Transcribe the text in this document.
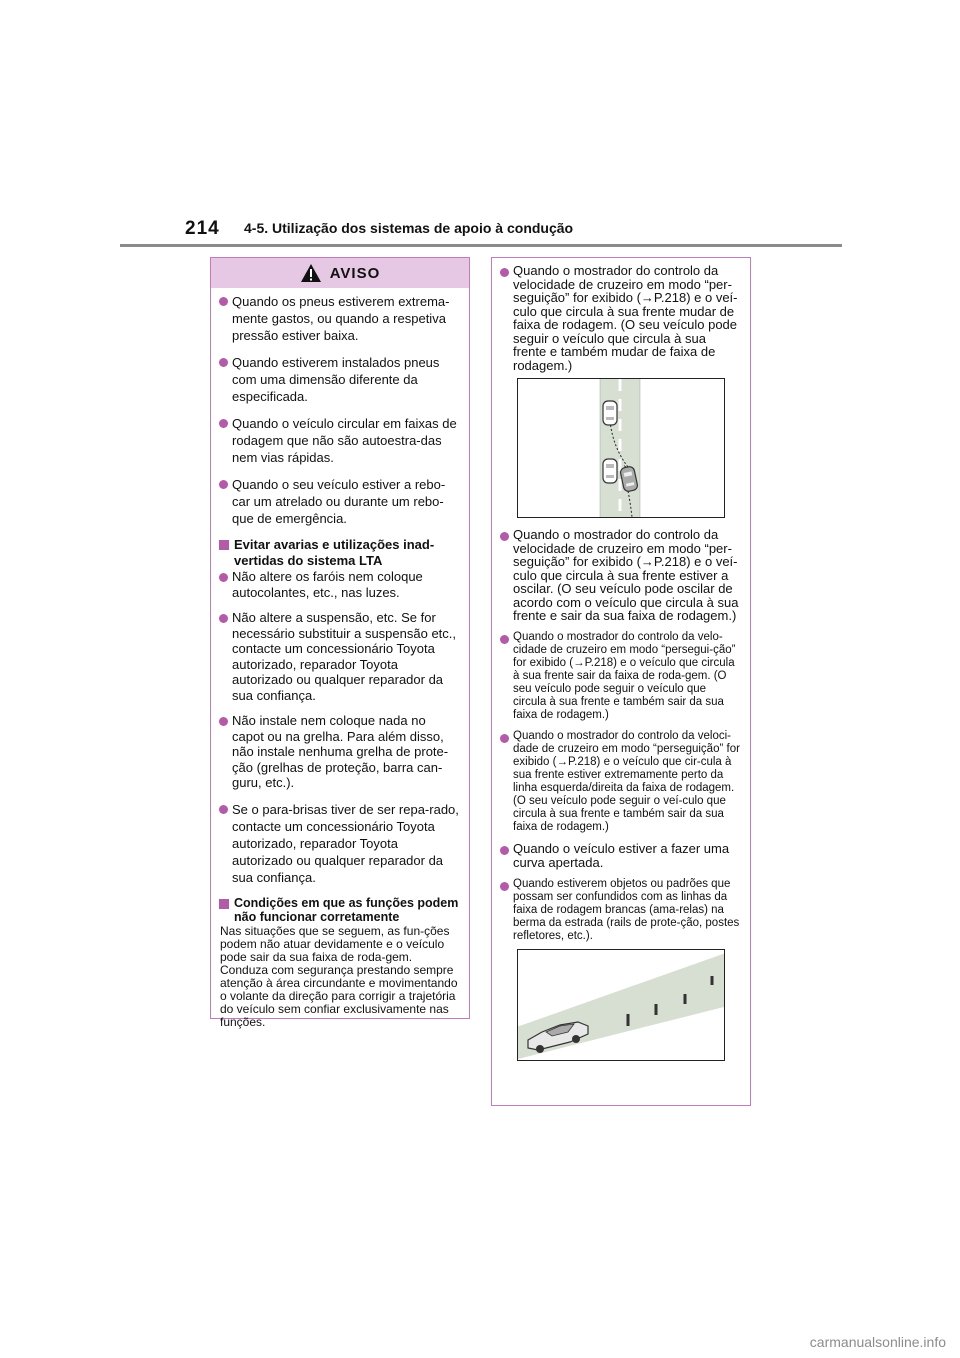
214 4-5. Utilização dos sistemas de apoio à condução
AVISO
Quando os pneus estiverem extrema-mente gastos, ou quando a respetiva pressão estiver baixa.
Quando estiverem instalados pneus com uma dimensão diferente da especificada.
Quando o veículo circular em faixas de rodagem que não são autoestra-das nem vias rápidas.
Quando o seu veículo estiver a rebo-car um atrelado ou durante um rebo-que de emergência.
Evitar avarias e utilizações inad-vertidas do sistema LTA
Não altere os faróis nem coloque autocolantes, etc., nas luzes.
Não altere a suspensão, etc. Se for necessário substituir a suspensão etc., contacte um concessionário Toyota autorizado, reparador Toyota autorizado ou qualquer reparador da sua confiança.
Não instale nem coloque nada no capot ou na grelha. Para além disso, não instale nenhuma grelha de prote-ção (grelhas de proteção, barra can-guru, etc.).
Se o para-brisas tiver de ser repa-rado, contacte um concessionário Toyota autorizado, reparador Toyota autorizado ou qualquer reparador da sua confiança.
Condições em que as funções podem não funcionar corretamente
Nas situações que se seguem, as fun-ções podem não atuar devidamente e o veículo pode sair da sua faixa de roda-gem. Conduza com segurança prestando sempre atenção à área circundante e movimentando o volante da direção para corrigir a trajetória do veículo sem confiar exclusivamente nas funções.
Quando o mostrador do controlo da velocidade de cruzeiro em modo “per-seguição” for exibido (→P.218) e o veí-culo que circula à sua frente mudar de faixa de rodagem. (O seu veículo pode seguir o veículo que circula à sua frente e também mudar de faixa de rodagem.)
Quando o mostrador do controlo da velocidade de cruzeiro em modo “per-seguição” for exibido (→P.218) e o veí-culo que circula à sua frente estiver a oscilar. (O seu veículo pode oscilar de acordo com o veículo que circula à sua frente e sair da sua faixa de rodagem.)
Quando o mostrador do controlo da velo-cidade de cruzeiro em modo “persegui-ção” for exibido (→P.218) e o veículo que circula à sua frente sair da faixa de roda-gem. (O seu veículo pode seguir o veículo que circula à sua frente e também sair da sua faixa de rodagem.)
Quando o mostrador do controlo da veloci-dade de cruzeiro em modo “perseguição” for exibido (→P.218) e o veículo que cir-cula à sua frente estiver extremamente perto da linha esquerda/direita da faixa de rodagem. (O seu veículo pode seguir o veí-culo que circula à sua frente e também sair da sua faixa de rodagem.)
Quando o veículo estiver a fazer uma curva apertada.
Quando estiverem objetos ou padrões que possam ser confundidos com as linhas da faixa de rodagem brancas (ama-relas) na berma da estrada (rails de prote-ção, postes refletores, etc.).
carmanualsonline.info
